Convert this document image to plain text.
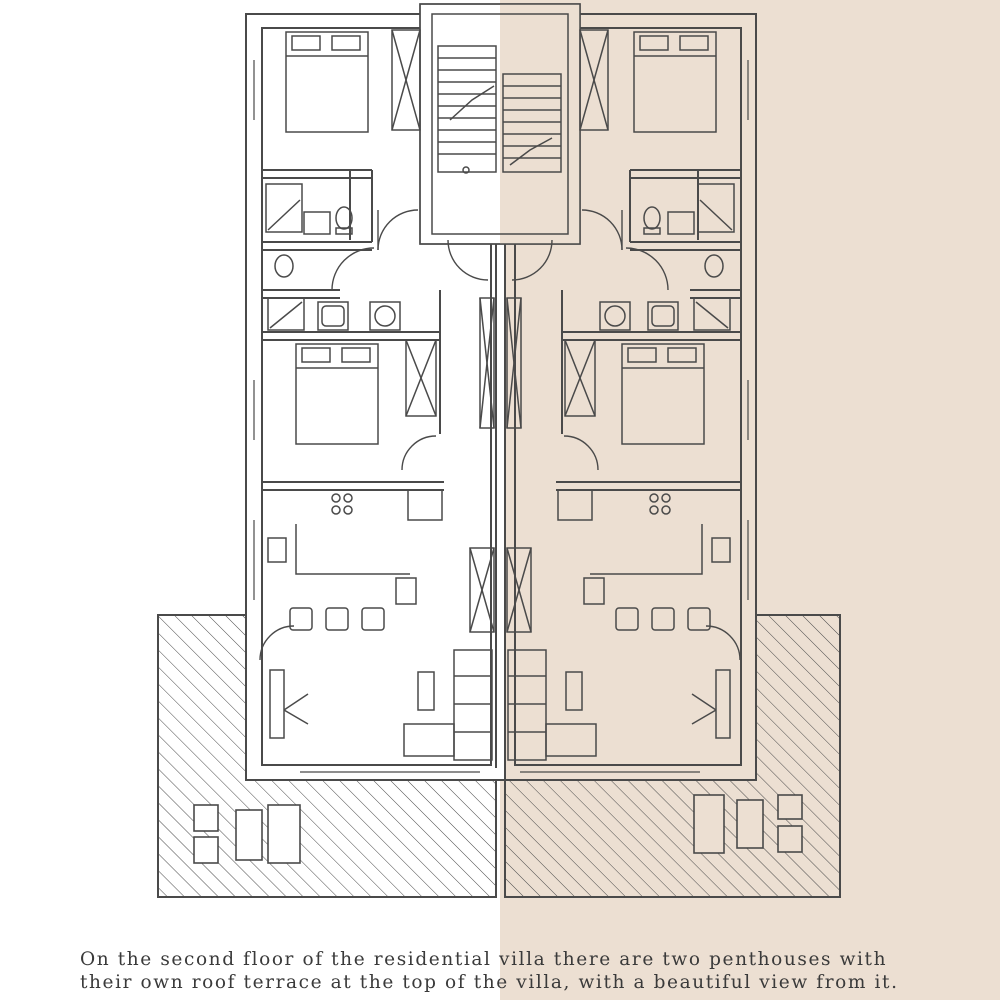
On the second floor of the residential villa there are two penthouses with
their own roof terrace at the top of the villa, with a beautiful view from it.
